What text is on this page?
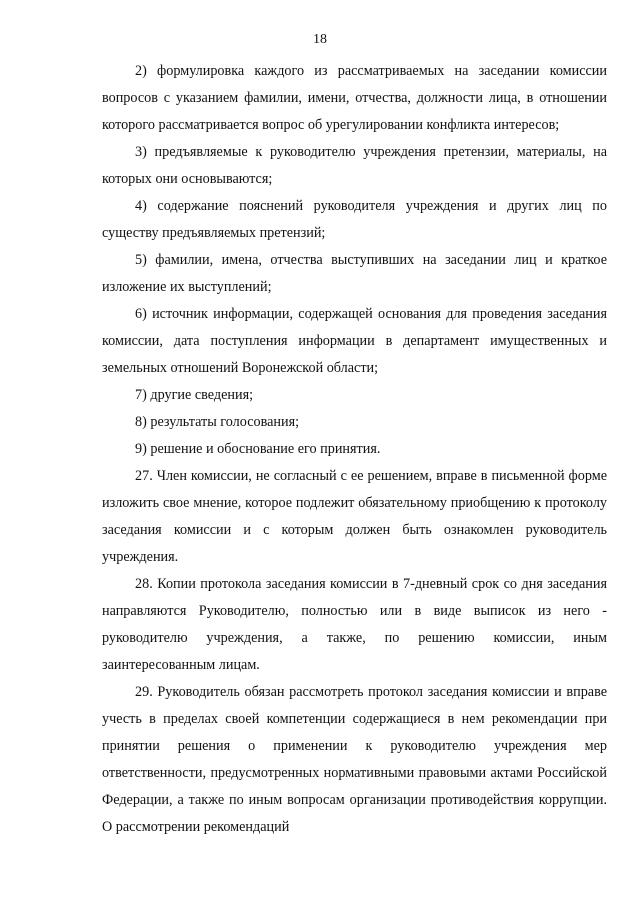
18

2) формулировка каждого из рассматриваемых на заседании комиссии вопросов с указанием фамилии, имени, отчества, должности лица, в отношении которого рассматривается вопрос об урегулировании конфликта интересов;

3) предъявляемые к руководителю учреждения претензии, материалы, на которых они основываются;

4) содержание пояснений руководителя учреждения и других лиц по существу предъявляемых претензий;

5) фамилии, имена, отчества выступивших на заседании лиц и краткое изложение их выступлений;

6) источник информации, содержащей основания для проведения заседания комиссии, дата поступления информации в департамент имущественных и земельных отношений Воронежской области;

7) другие сведения;

8) результаты голосования;

9) решение и обоснование его принятия.

27. Член комиссии, не согласный с ее решением, вправе в письменной форме изложить свое мнение, которое подлежит обязательному приобщению к протоколу заседания комиссии и с которым должен быть ознакомлен руководитель учреждения.

28. Копии протокола заседания комиссии в 7-дневный срок со дня заседания направляются Руководителю, полностью или в виде выписок из него - руководителю учреждения, а также, по решению комиссии, иным заинтересованным лицам.

29. Руководитель обязан рассмотреть протокол заседания комиссии и вправе учесть в пределах своей компетенции содержащиеся в нем рекомендации при принятии решения о применении к руководителю учреждения мер ответственности, предусмотренных нормативными правовыми актами Российской Федерации, а также по иным вопросам организации противодействия коррупции. О рассмотрении рекомендаций
